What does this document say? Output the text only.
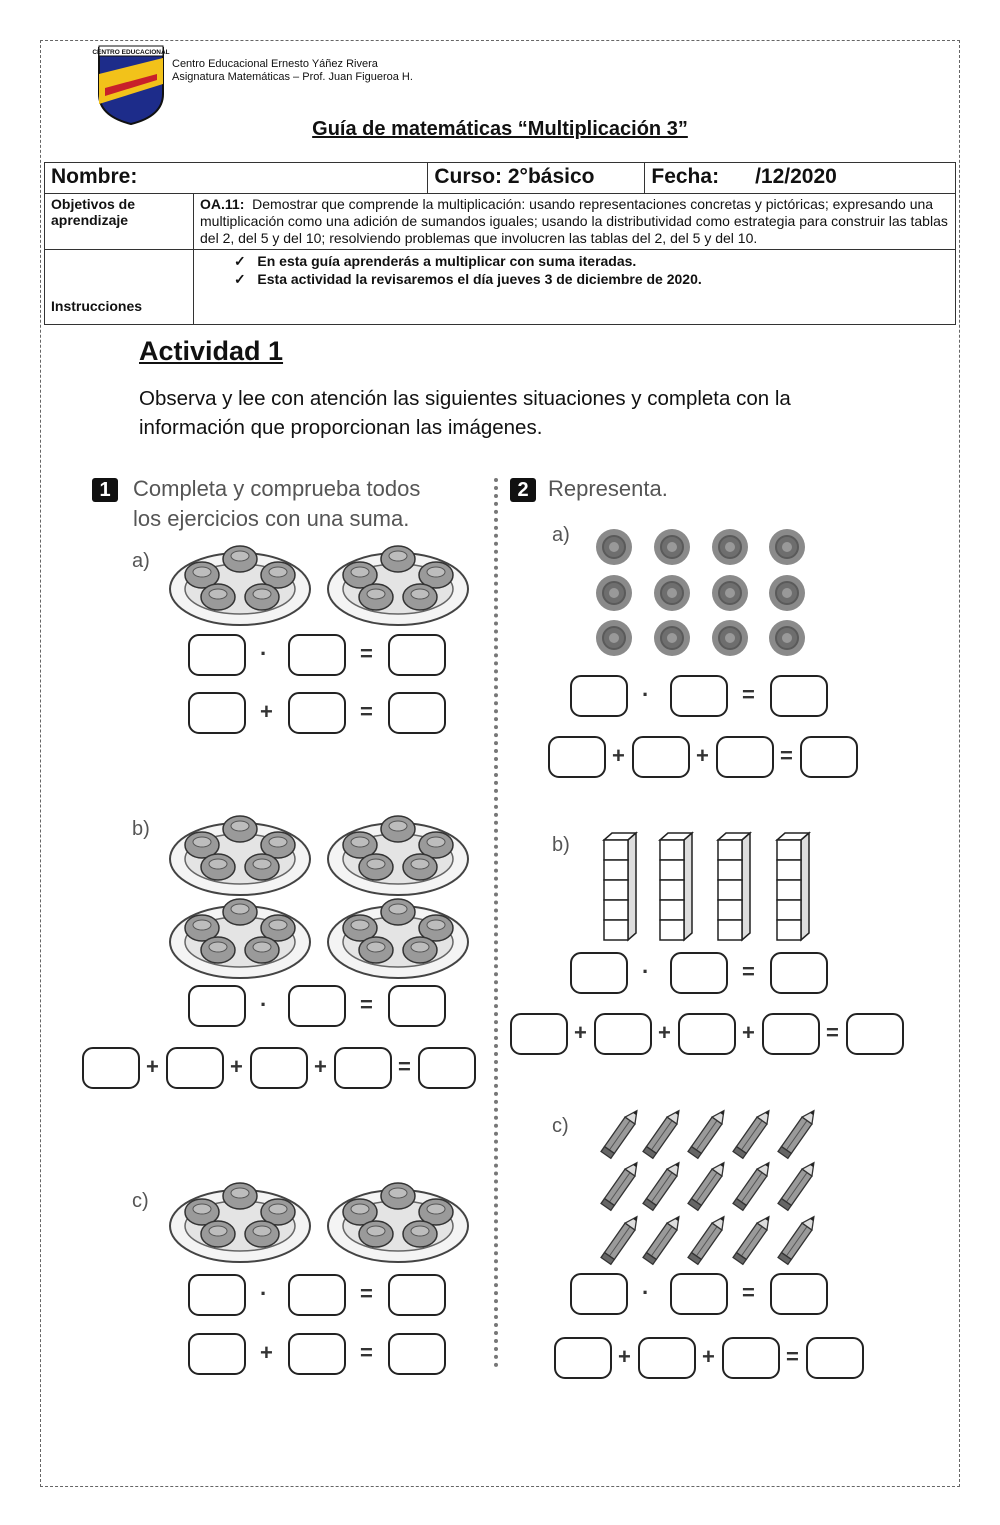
CENTRO EDUCACIONAL
Centro Educacional Ernesto Yáñez Rivera
Asignatura Matemáticas – Prof. Juan Figueroa H.
Guía de matemáticas “Multiplicación 3”
Nombre:		Curso: 2°básico	Fecha: /12/2020
Objetivos de aprendizaje	OA.11: Demostrar que comprende la multiplicación: usando representaciones concretas y pictóricas; expresando una multiplicación como una adición de sumandos iguales; usando la distributividad como estrategia para construir las tablas del 2, del 5 y del 10; resolviendo problemas que involucren las tablas del 2, del 5 y del 10.		
Instrucciones	✓ En esta guía aprenderás a multiplicar con suma iteradas.
✓ Esta actividad la revisaremos el día jueves 3 de diciembre de 2020.		
Actividad 1
Observa y lee con atención las siguientes situaciones y completa con la información que proporcionan las imágenes.
1	Completa y comprueba todos
los ejercicios con una suma.
2 Representa.
a)
b)
c)
a)
b)
c)
·	=
+	=
·	=
+	+	+	=
·	=
+	=
·	=
+	+	=
·	=
+	+	+	=
·	=
+	+	=
